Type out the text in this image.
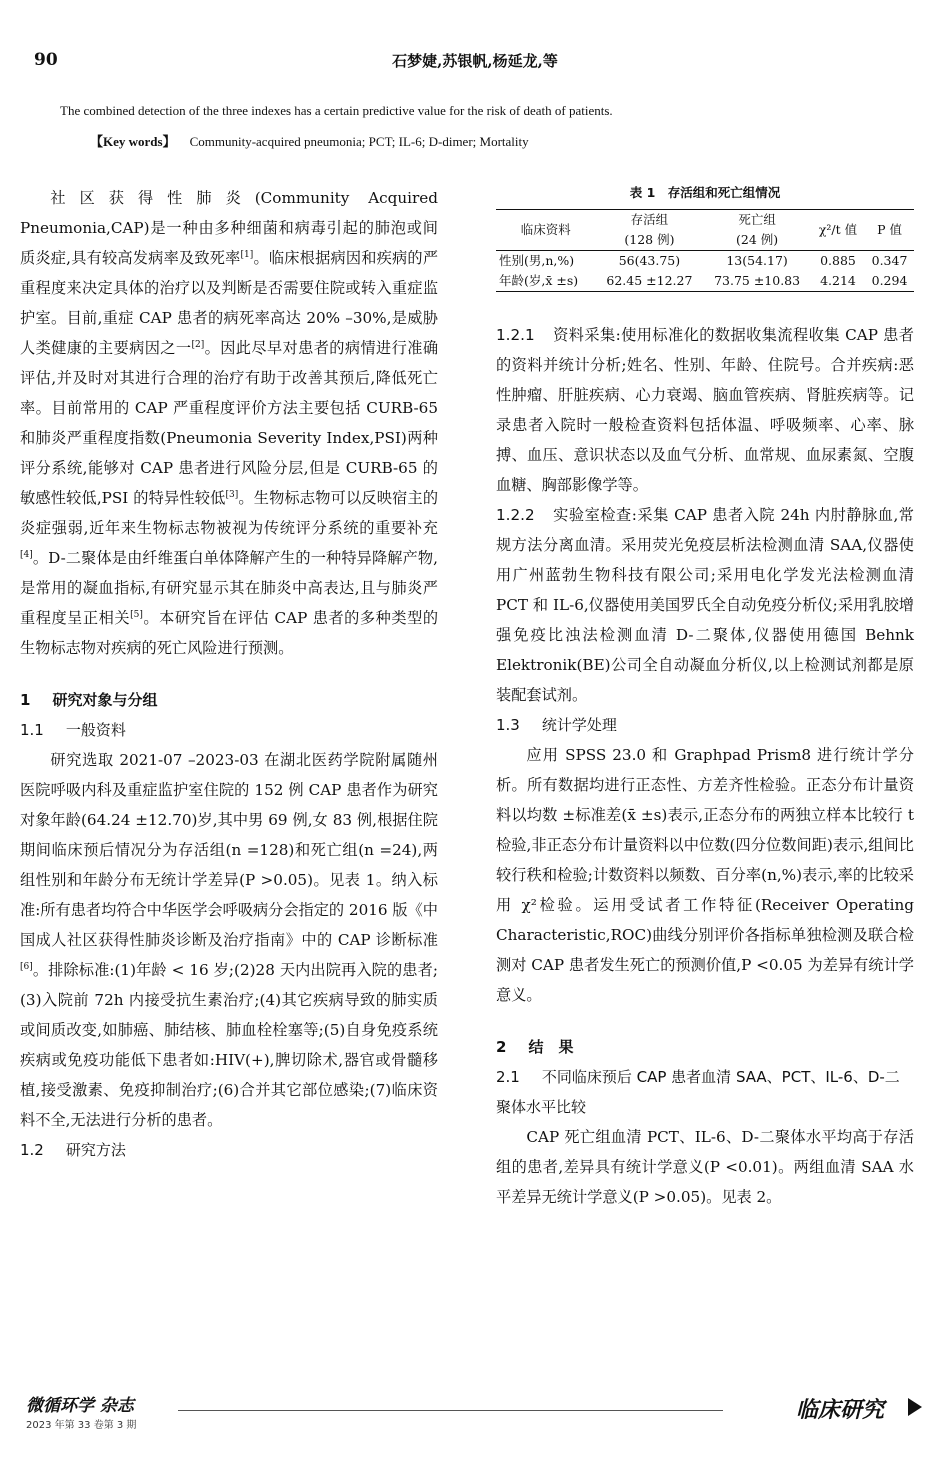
90	石梦婕,苏银帆,杨延龙,等
The combined detection of the three indexes has a certain predictive value for the risk of death of patients.
【Key words】 Community-acquired pneumonia; PCT; IL-6; D-dimer; Mortality

社区获得性肺炎(Community Acquired Pneumonia,CAP)是一种由多种细菌和病毒引起的肺泡或间质炎症,具有较高发病率及致死率[1]。临床根据病因和疾病的严重程度来决定具体的治疗以及判断是否需要住院或转入重症监护室。目前,重症 CAP 患者的病死率高达 20% –30%,是威胁人类健康的主要病因之一[2]。因此尽早对患者的病情进行准确评估,并及时对其进行合理的治疗有助于改善其预后,降低死亡率。目前常用的 CAP 严重程度评价方法主要包括 CURB-65 和肺炎严重程度指数(Pneumonia Severity Index,PSI)两种评分系统,能够对 CAP 患者进行风险分层,但是 CURB-65 的敏感性较低,PSI 的特异性较低[3]。生物标志物可以反映宿主的炎症强弱,近年来生物标志物被视为传统评分系统的重要补充[4]。D-二聚体是由纤维蛋白单体降解产生的一种特异降解产物,是常用的凝血指标,有研究显示其在肺炎中高表达,且与肺炎严重程度呈正相关[5]。本研究旨在评估 CAP 患者的多种类型的生物标志物对疾病的死亡风险进行预测。

1 研究对象与分组
1.1 一般资料

研究选取 2021-07 –2023-03 在湖北医药学院附属随州医院呼吸内科及重症监护室住院的 152 例 CAP 患者作为研究对象年龄(64.24 ±12.70)岁,其中男 69 例,女 83 例,根据住院期间临床预后情况分为存活组(n =128)和死亡组(n =24),两组性别和年龄分布无统计学差异(P >0.05)。见表 1。纳入标准:所有患者均符合中华医学会呼吸病分会指定的 2016 版《中国成人社区获得性肺炎诊断及治疗指南》中的 CAP 诊断标准[6]。排除标准:(1)年龄 < 16 岁;(2)28 天内出院再入院的患者;(3)入院前 72h 内接受抗生素治疗;(4)其它疾病导致的肺实质或间质改变,如肺癌、肺结核、肺血栓栓塞等;(5)自身免疫系统疾病或免疫功能低下患者如:HIV(+),脾切除术,器官或骨髓移植,接受激素、免疫抑制治疗;(6)合并其它部位感染;(7)临床资料不全,无法进行分析的患者。

1.2 研究方法
表 1　存活组和死亡组情况
临床资料	存活组	死亡组	χ²/t 值	P 值
	(128 例)	(24 例)		
性别(男,n,%)	56(43.75)	13(54.17)	0.885	0.347
年龄(岁,x̄ ±s)	62.45 ±12.27	73.75 ±10.83	4.214	0.294

1.2.1 资料采集:使用标准化的数据收集流程收集 CAP 患者的资料并统计分析;姓名、性别、年龄、住院号。合并疾病:恶性肿瘤、肝脏疾病、心力衰竭、脑血管疾病、肾脏疾病等。记录患者入院时一般检查资料包括体温、呼吸频率、心率、脉搏、血压、意识状态以及血气分析、血常规、血尿素氮、空腹血糖、胸部影像学等。

1.2.2 实验室检查:采集 CAP 患者入院 24h 内肘静脉血,常规方法分离血清。采用荧光免疫层析法检测血清 SAA,仪器使用广州蓝勃生物科技有限公司;采用电化学发光法检测血清 PCT 和 IL-6,仪器使用美国罗氏全自动免疫分析仪;采用乳胶增强免疫比浊法检测血清 D-二聚体,仪器使用德国 Behnk Elektronik(BE)公司全自动凝血分析仪,以上检测试剂都是原装配套试剂。

1.3 统计学处理

应用 SPSS 23.0 和 Graphpad Prism8 进行统计学分析。所有数据均进行正态性、方差齐性检验。正态分布计量资料以均数 ±标准差(x̄ ±s)表示,正态分布的两独立样本比较行 t 检验,非正态分布计量资料以中位数(四分位数间距)表示,组间比较行秩和检验;计数资料以频数、百分率(n,%)表示,率的比较采用 χ²检验。运用受试者工作特征(Receiver Operating Characteristic,ROC)曲线分别评价各指标单独检测及联合检测对 CAP 患者发生死亡的预测价值,P <0.05 为差异有统计学意义。

2 结　果
2.1 不同临床预后 CAP 患者血清 SAA、PCT、IL-6、D-二聚体水平比较

CAP 死亡组血清 PCT、IL-6、D-二聚体水平均高于存活组的患者,差异具有统计学意义(P <0.01)。两组血清 SAA 水平差异无统计学意义(P >0.05)。见表 2。

微循环学 杂志
2023 年第 33 卷第 3 期
临床研究
